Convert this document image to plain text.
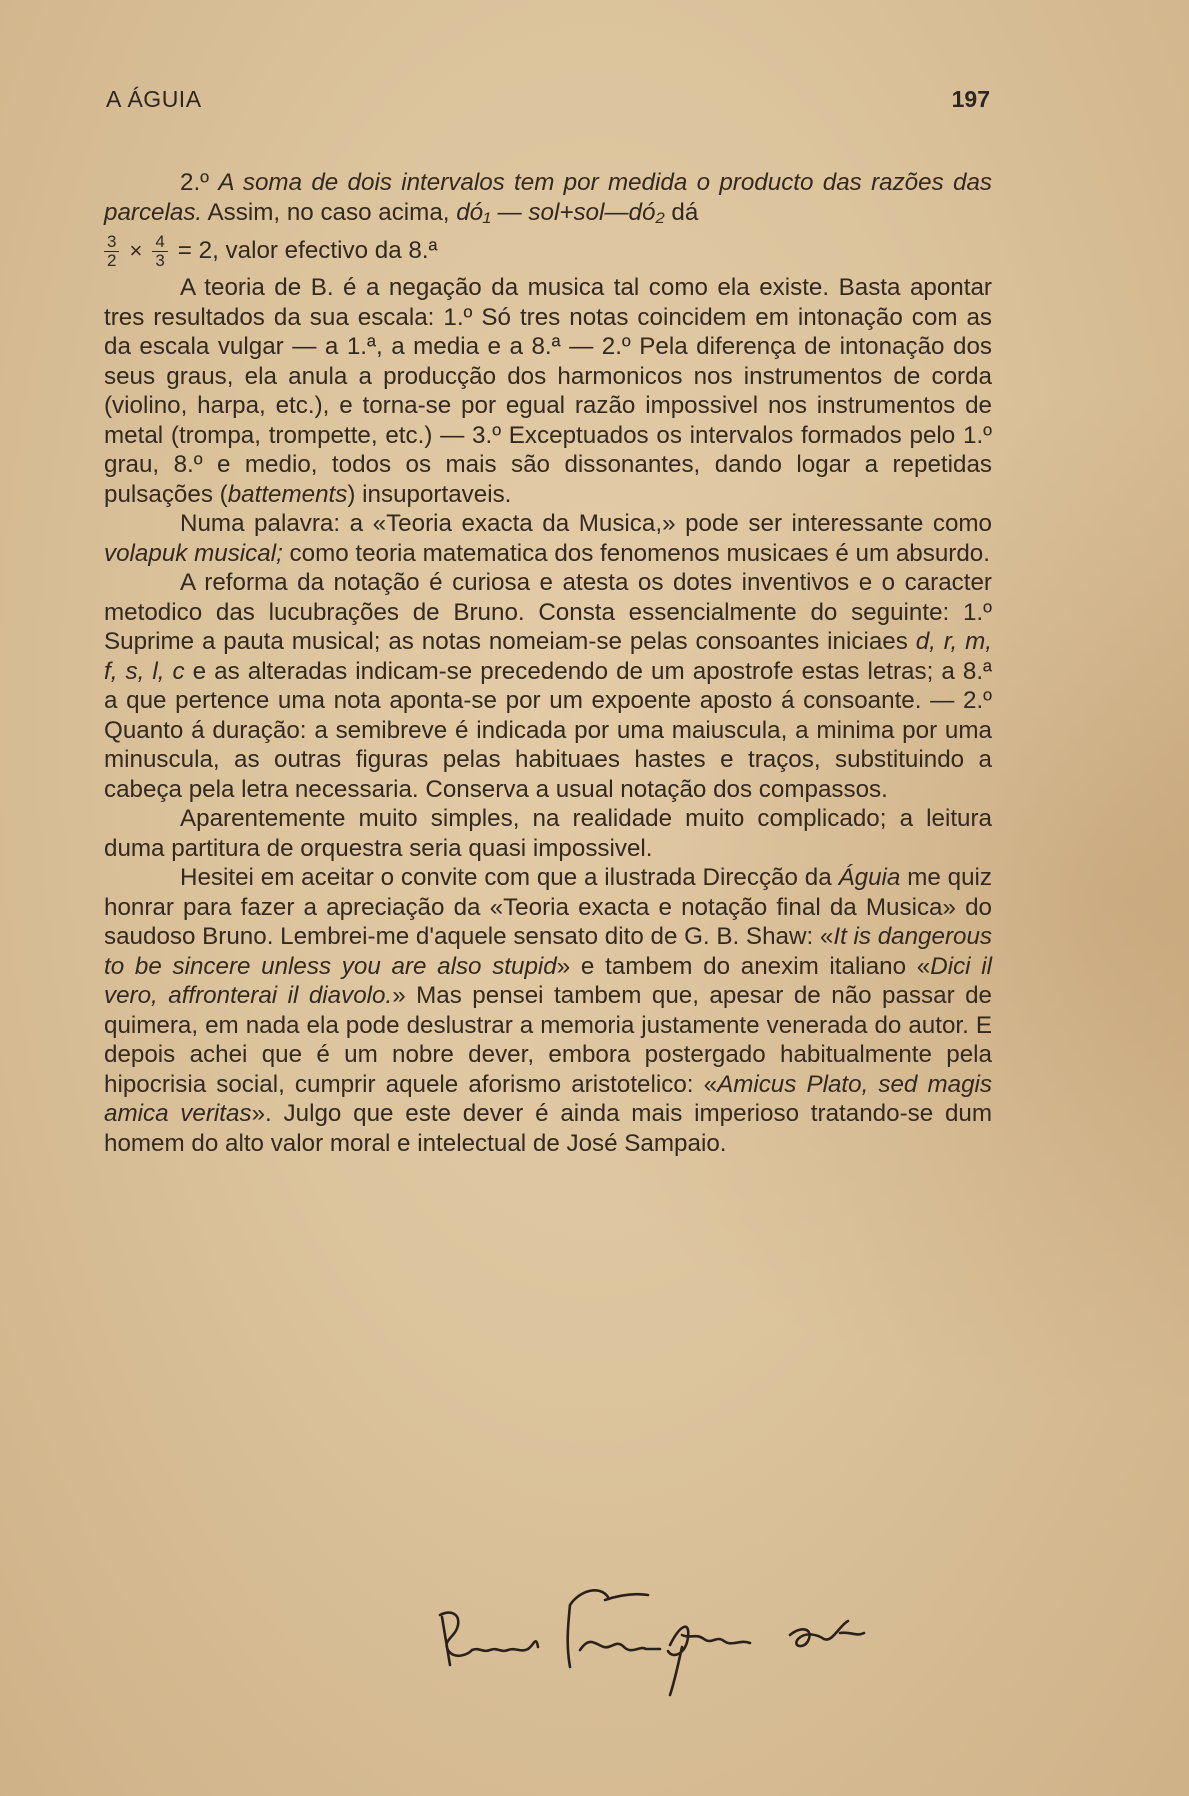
A ÁGUIA	197

2.º A soma de dois intervalos tem por medida o producto das razões das parcelas. Assim, no caso acima, dó₁ — sol+sol—dó₂ dá

$\frac{3}{2} \times \frac{4}{3} = 2$, valor efectivo da 8.ª

A teoria de B. é a negação da musica tal como ela existe. Basta apontar tres resultados da sua escala: 1.º Só tres notas coincidem em intonação com as da escala vulgar — a 1.ª, a media e a 8.ª — 2.º Pela diferença de intonação dos seus graus, ela anula a producção dos harmonicos nos instrumentos de corda (violino, harpa, etc.), e torna-se por egual razão impossivel nos instrumentos de metal (trompa, trompette, etc.) — 3.º Exceptuados os intervalos formados pelo 1.º grau, 8.º e medio, todos os mais são dissonantes, dando logar a repetidas pulsações (battements) insuportaveis.

Numa palavra: a «Teoria exacta da Musica,» pode ser interessante como volapuk musical; como teoria matematica dos fenomenos musicaes é um absurdo.

A reforma da notação é curiosa e atesta os dotes inventivos e o caracter metodico das lucubrações de Bruno. Consta essencialmente do seguinte: 1.º Suprime a pauta musical; as notas nomeiam-se pelas consoantes iniciaes d, r, m, f, s, l, c e as alteradas indicam-se precedendo de um apostrofe estas letras; a 8.ª a que pertence uma nota aponta-se por um expoente aposto á consoante. — 2.º Quanto á duração: a semibreve é indicada por uma maiuscula, a minima por uma minuscula, as outras figuras pelas habituaes hastes e traços, substituindo a cabeça pela letra necessaria. Conserva a usual notação dos compassos.

Aparentemente muito simples, na realidade muito complicado; a leitura duma partitura de orquestra seria quasi impossivel.

Hesitei em aceitar o convite com que a ilustrada Direcção da Águia me quiz honrar para fazer a apreciação da «Teoria exacta e notação final da Musica» do saudoso Bruno. Lembrei-me d'aquele sensato dito de G. B. Shaw: «It is dangerous to be sincere unless you are also stupid» e tambem do anexim italiano «Dici il vero, affronterai il diavolo.» Mas pensei tambem que, apesar de não passar de quimera, em nada ela pode deslustrar a memoria justamente venerada do autor. E depois achei que é um nobre dever, embora postergado habitualmente pela hipocrisia social, cumprir aquele aforismo aristotelico: «Amicus Plato, sed magis amica veritas». Julgo que este dever é ainda mais imperioso tratando-se dum homem do alto valor moral e intelectual de José Sampaio.
